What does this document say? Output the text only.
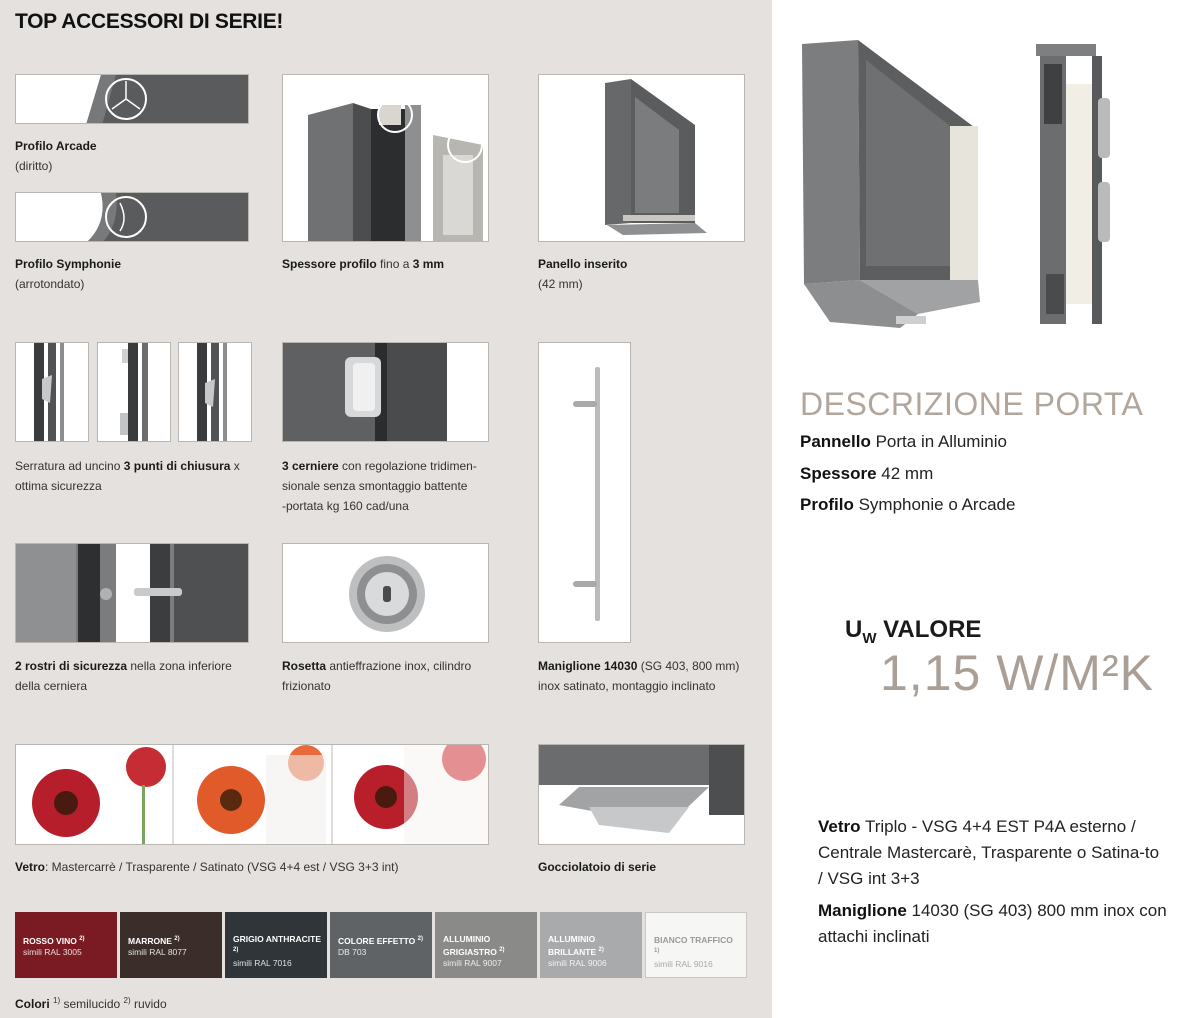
TOP ACCESSORI DI SERIE!
Profilo Arcade
(diritto)
Profilo Symphonie
(arrotondato)
Spessore profilo fino a 3 mm	Panello inserito
(42 mm)
Serratura ad uncino 3 punti di chiusura x
ottima sicurezza
3 cerniere con regolazione tridimen-
sionale senza smontaggio battente
-portata kg 160 cad/una
Maniglione 14030 (SG 403, 800 mm)
inox satinato, montaggio inclinato
2 rostri di sicurezza nella zona inferiore
della cerniera
Rosetta antieffrazione inox, cilindro
frizionato
Vetro: Mastercarrè / Trasparente / Satinato (VSG 4+4 est / VSG 3+3 int)	Gocciolatoio di serie
ROSSO VINO $^{2)}$
simili RAL 3005
MARRONE $^{2)}$
simili RAL 8077
GRIGIO ANTHRACITE $^{2)}$
simili RAL 7016
COLORE EFFETTO $^{2)}$
DB 703
ALLUMINIO GRIGIASTRO $^{2)}$
simili RAL 9007
ALLUMINIO BRILLANTE $^{2)}$
simili RAL 9006
BIANCO TRAFFICO $^{1)}$
simili RAL 9016
Colori $^{1)}$ semilucido $^{2)}$ ruvido
DESCRIZIONE PORTA
Pannello Porta in Alluminio
Spessore 42 mm
Profilo Symphonie o Arcade
$U_W$ VALORE
1,15 W/M²K
Vetro Triplo - VSG 4+4 EST P4A esterno / Centrale Mastercarè, Trasparente o Satina-to / VSG int 3+3
Maniglione 14030 (SG 403) 800 mm inox con attachi inclinati
